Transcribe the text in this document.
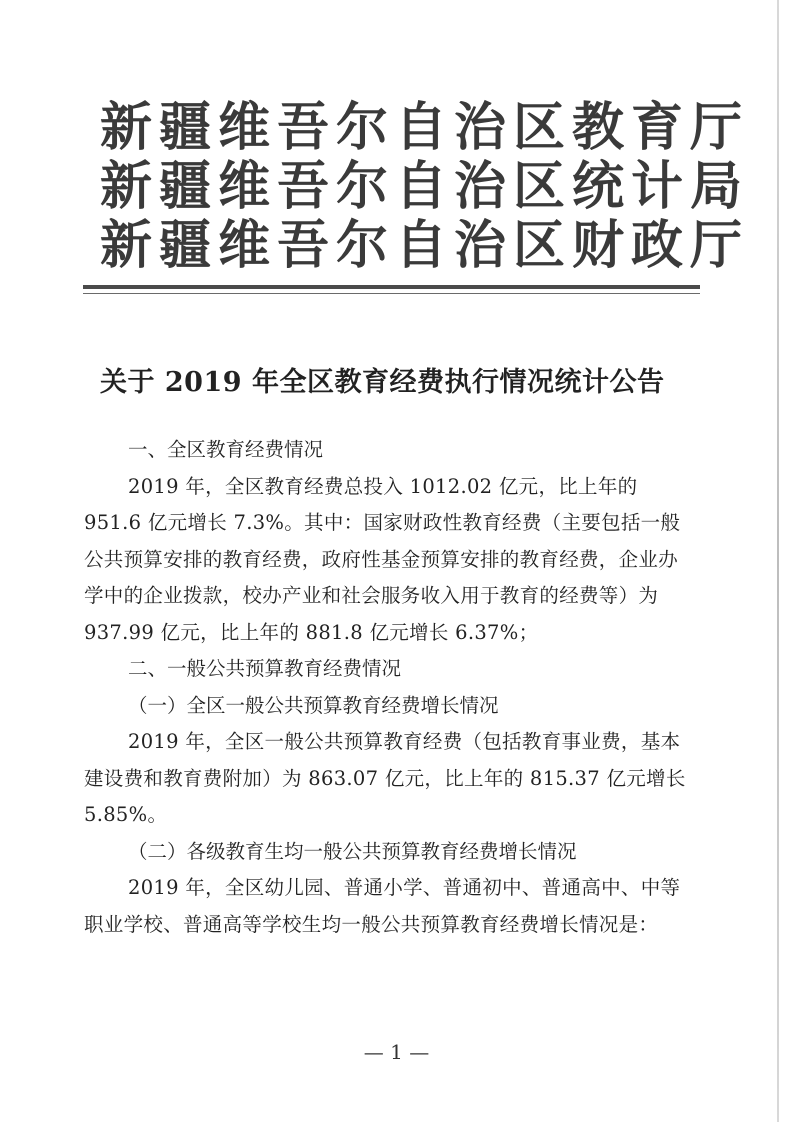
新疆维吾尔自治区教育厅
新疆维吾尔自治区统计局
新疆维吾尔自治区财政厅
关于 2019 年全区教育经费执行情况统计公告

一、全区教育经费情况

2019 年，全区教育经费总投入 1012.02 亿元，比上年的 951.6 亿元增长 7.3%。其中：国家财政性教育经费（主要包括一般公共预算安排的教育经费，政府性基金预算安排的教育经费，企业办学中的企业拨款，校办产业和社会服务收入用于教育的经费等）为 937.99 亿元，比上年的 881.8 亿元增长 6.37%；

二、一般公共预算教育经费情况

（一）全区一般公共预算教育经费增长情况

2019 年，全区一般公共预算教育经费（包括教育事业费，基本建设费和教育费附加）为 863.07 亿元，比上年的 815.37 亿元增长 5.85%。

（二）各级教育生均一般公共预算教育经费增长情况

2019 年，全区幼儿园、普通小学、普通初中、普通高中、中等职业学校、普通高等学校生均一般公共预算教育经费增长情况是：

— 1 —
